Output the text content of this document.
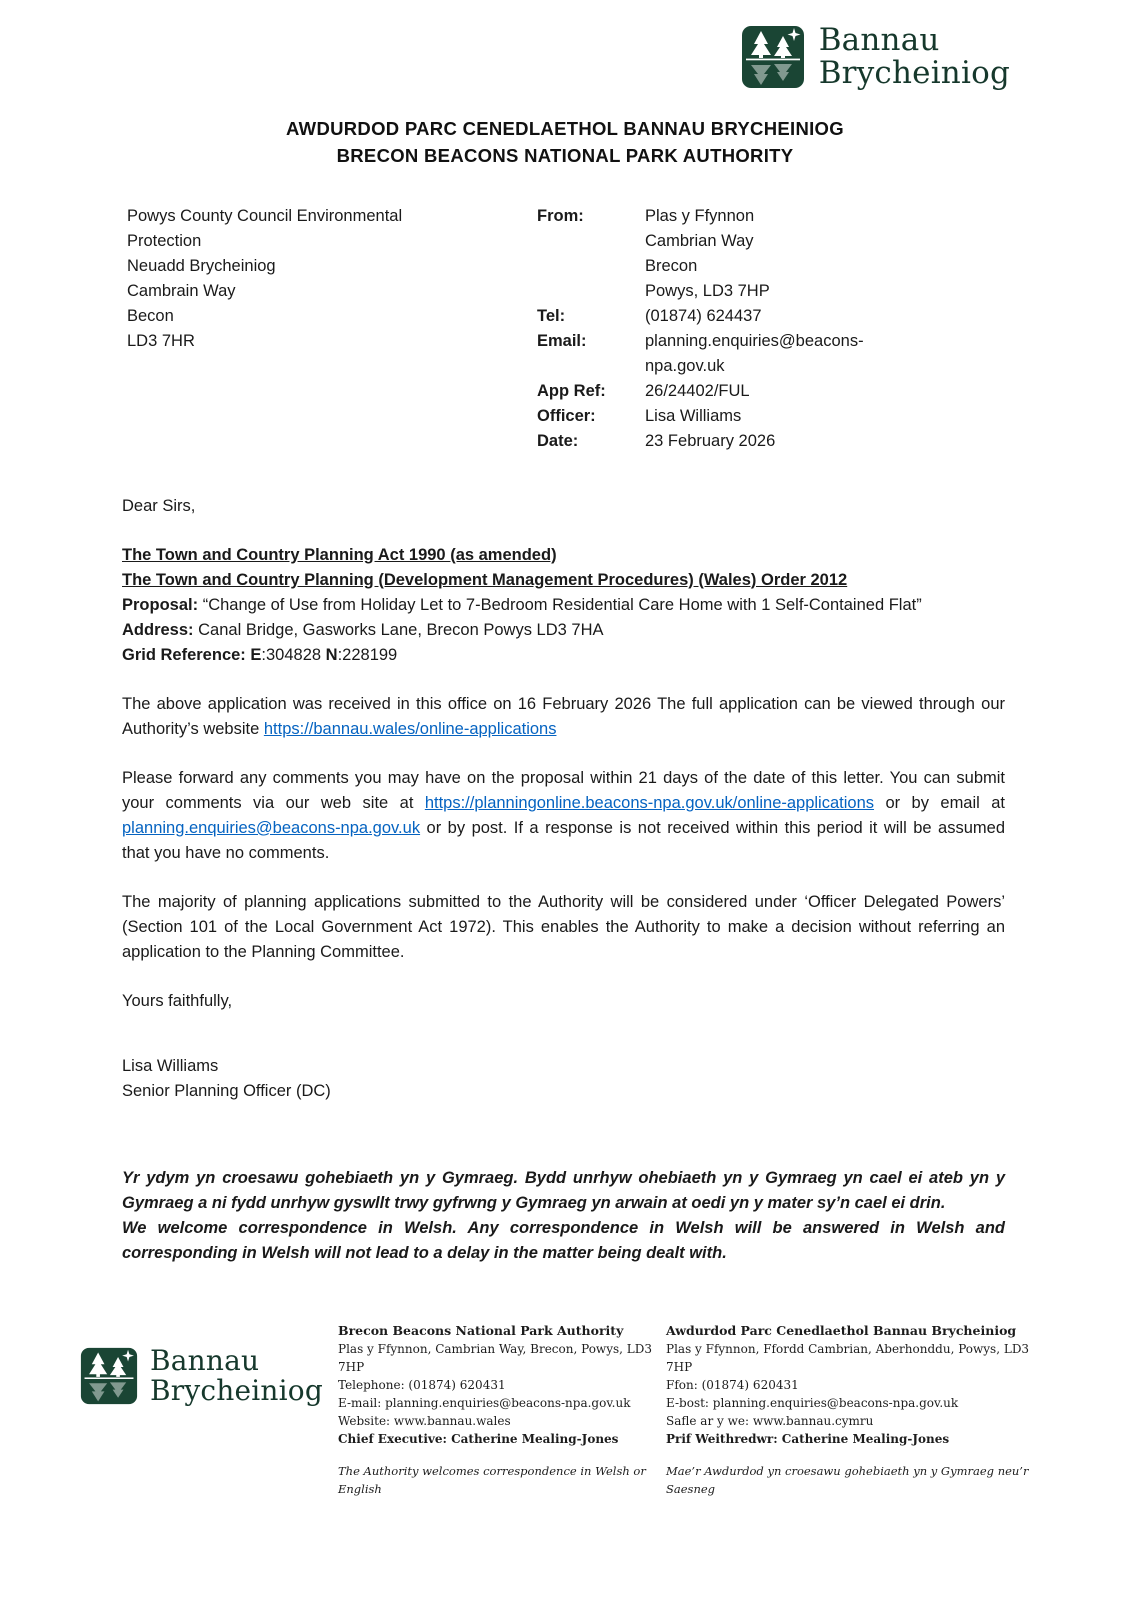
Bannau
Brycheiniog
AWDURDOD PARC CENEDLAETHOL BANNAU BRYCHEINIOG
BRECON BEACONS NATIONAL PARK AUTHORITY
Powys County Council Environmental
Protection
Neuadd Brycheiniog
Cambrain Way
Becon
LD3 7HR
From:	Plas y Ffynnon
Cambrian Way
Brecon
Powys, LD3 7HP
Tel:	(01874) 624437
Email:	planning.enquiries@beacons-npa.gov.uk
App Ref:	26/24402/FUL
Officer:	Lisa Williams
Date:	23 February 2026
Dear Sirs,
The Town and Country Planning Act 1990 (as amended)
The Town and Country Planning (Development Management Procedures) (Wales) Order 2012
Proposal: “Change of Use from Holiday Let to 7-Bedroom Residential Care Home with 1 Self-Contained Flat”
Address: Canal Bridge, Gasworks Lane, Brecon Powys LD3 7HA
Grid Reference: E:304828 N:228199
The above application was received in this office on 16 February 2026 The full application can be viewed through our Authority’s website https://bannau.wales/online-applications
Please forward any comments you may have on the proposal within 21 days of the date of this letter. You can submit your comments via our web site at https://planningonline.beacons-npa.gov.uk/online-applications or by email at planning.enquiries@beacons-npa.gov.uk or by post. If a response is not received within this period it will be assumed that you have no comments.
The majority of planning applications submitted to the Authority will be considered under ‘Officer Delegated Powers’ (Section 101 of the Local Government Act 1972). This enables the Authority to make a decision without referring an application to the Planning Committee.
Yours faithfully,
Lisa Williams
Senior Planning Officer (DC)
Yr ydym yn croesawu gohebiaeth yn y Gymraeg. Bydd unrhyw ohebiaeth yn y Gymraeg yn cael ei ateb yn y Gymraeg a ni fydd unrhyw gyswllt trwy gyfrwng y Gymraeg yn arwain at oedi yn y mater sy’n cael ei drin.
We welcome correspondence in Welsh. Any correspondence in Welsh will be answered in Welsh and corresponding in Welsh will not lead to a delay in the matter being dealt with.
Bannau
Brycheiniog
Brecon Beacons National Park Authority
Plas y Ffynnon, Cambrian Way, Brecon, Powys, LD3 7HP
Telephone: (01874) 620431
E-mail: planning.enquiries@beacons-npa.gov.uk
Website: www.bannau.wales
Chief Executive: Catherine Mealing-Jones
The Authority welcomes correspondence in Welsh or English
Awdurdod Parc Cenedlaethol Bannau Brycheiniog
Plas y Ffynnon, Ffordd Cambrian, Aberhonddu, Powys, LD3 7HP
Ffon: (01874) 620431
E-bost: planning.enquiries@beacons-npa.gov.uk
Safle ar y we: www.bannau.cymru
Prif Weithredwr: Catherine Mealing-Jones
Mae’r Awdurdod yn croesawu gohebiaeth yn y Gymraeg neu’r Saesneg
